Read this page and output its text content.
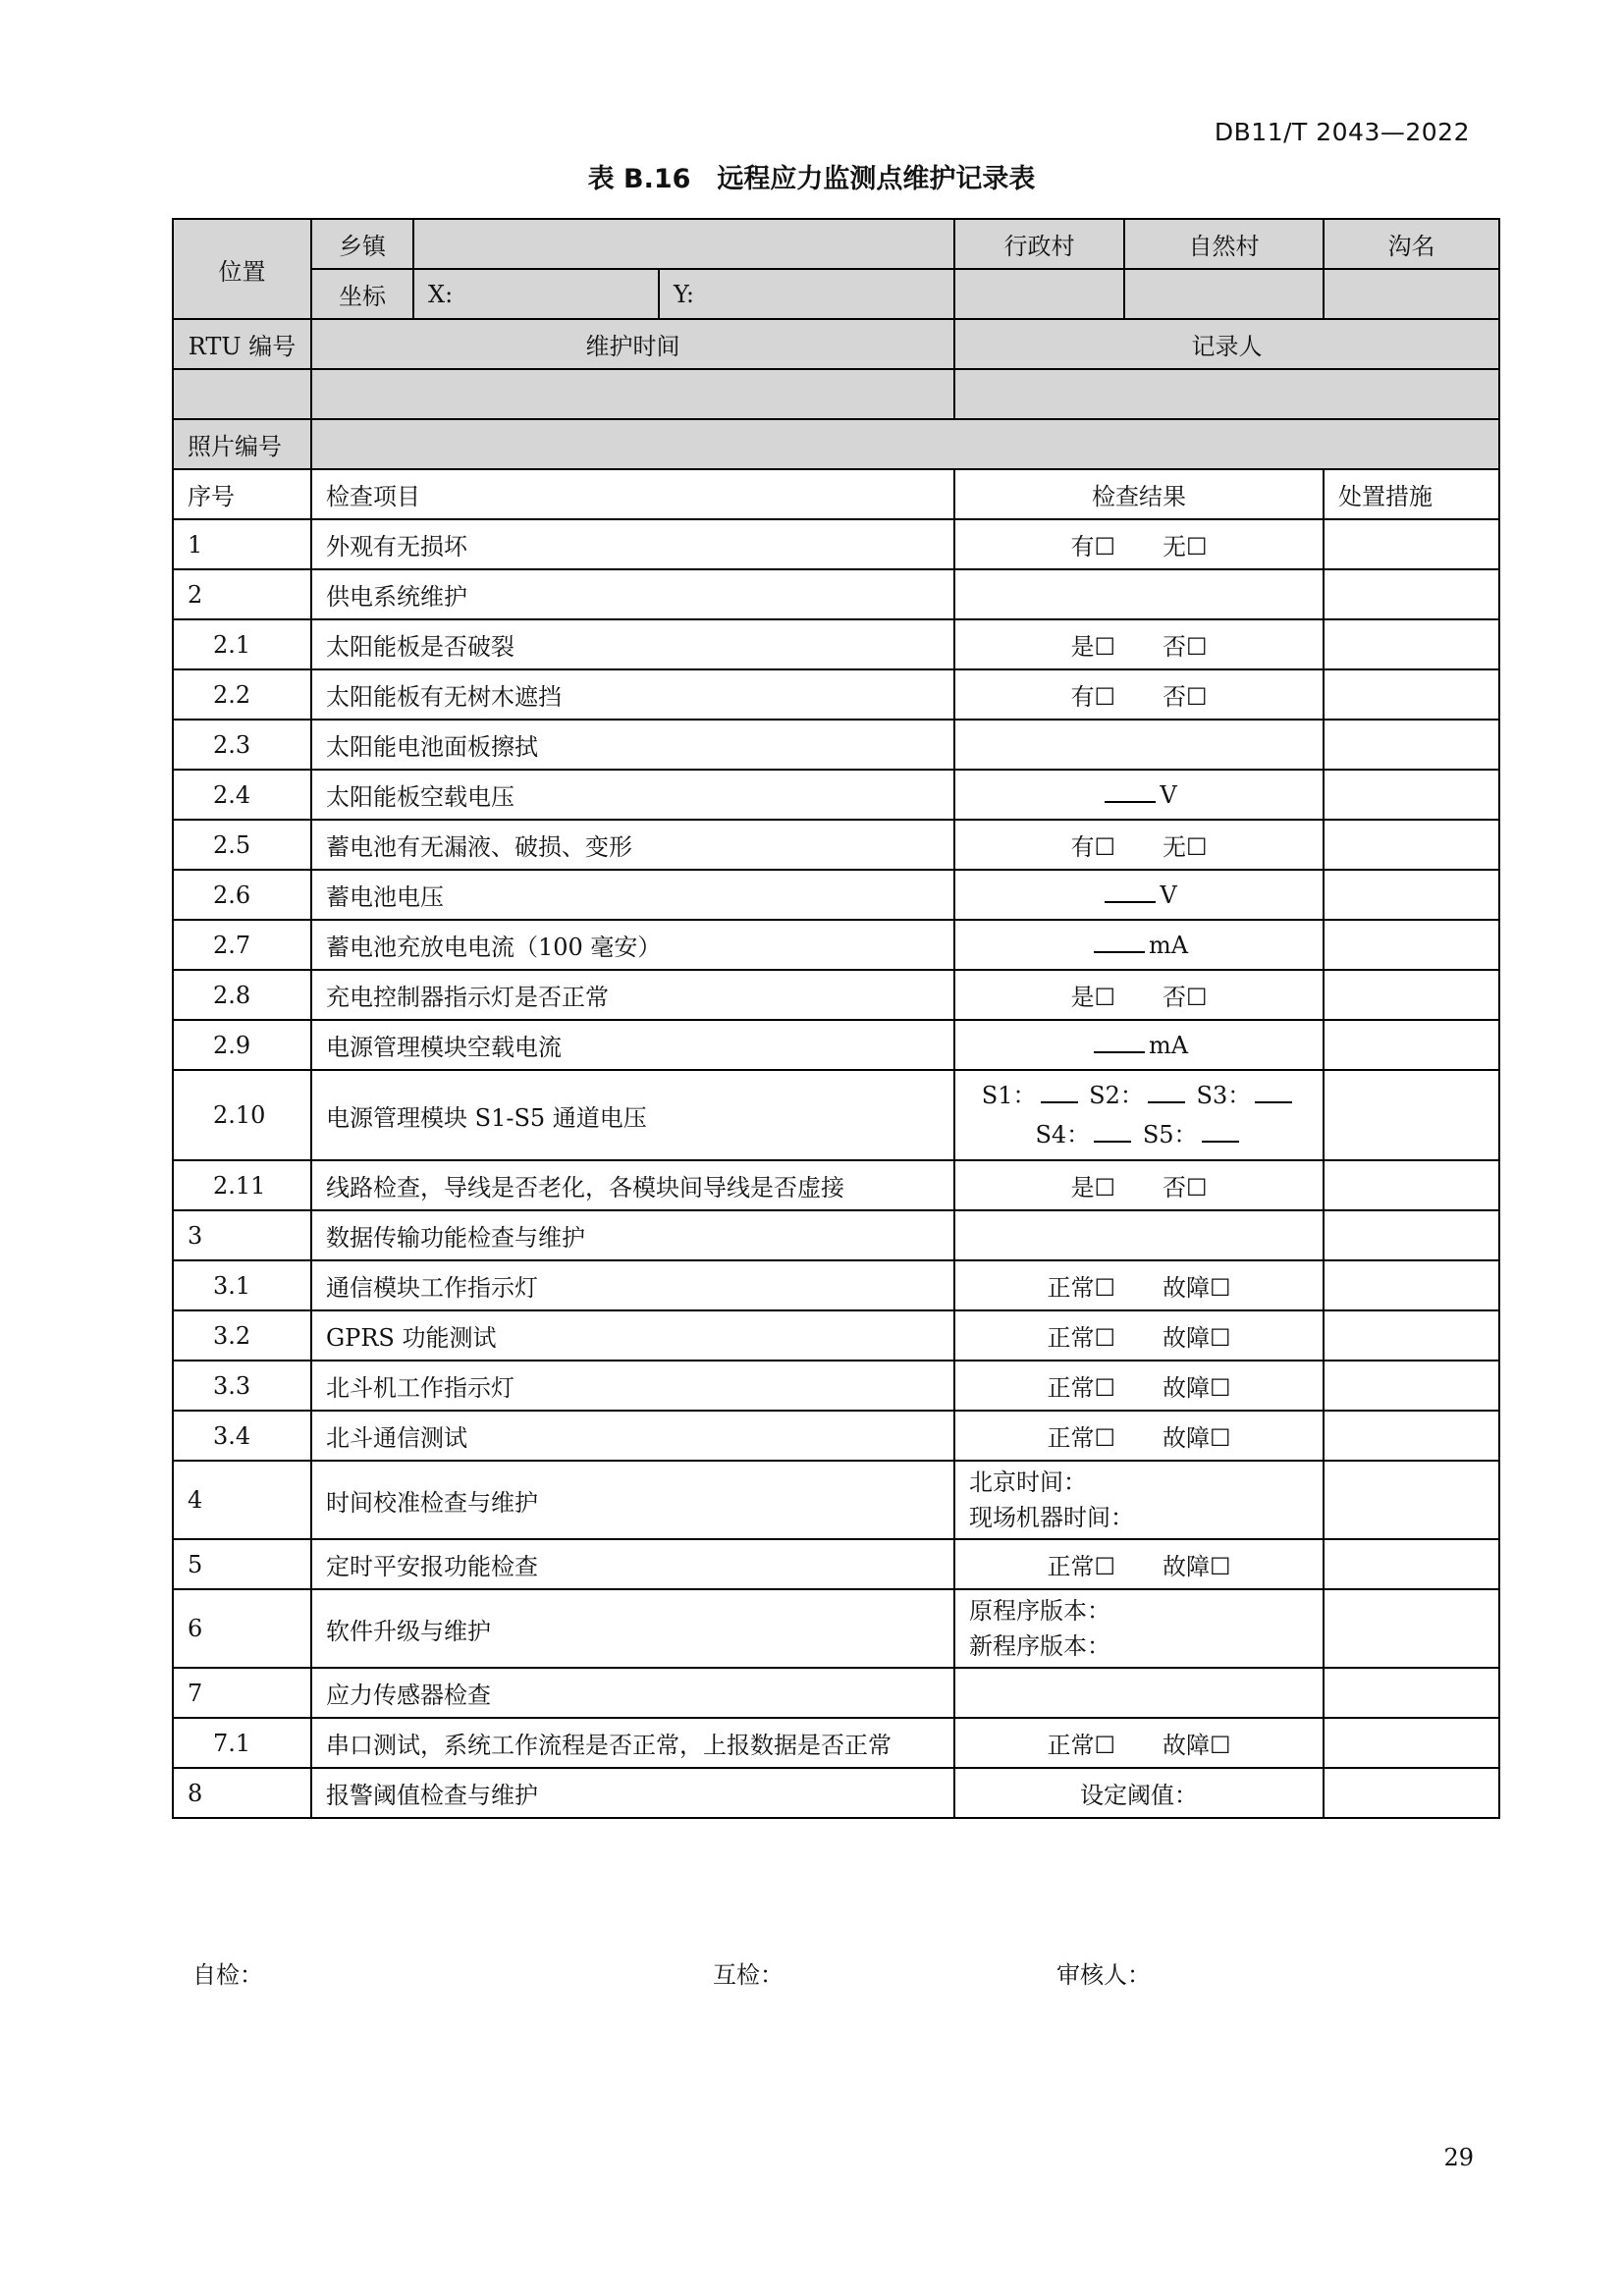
DB11/T 2043—2022
表 B.16　远程应力监测点维护记录表
位置	乡镇			行政村	自然村	沟名
	坐标	X:	Y:			
RTU 编号	维护时间			记录人		

照片编号						
序号	检查项目			检查结果		处置措施
1	外观有无损坏			有☐   无☐		
2	供电系统维护					
2.1	太阳能板是否破裂			是☐   否☐		
2.2	太阳能板有无树木遮挡			有☐   否☐		
2.3	太阳能电池面板擦拭					
2.4	太阳能板空载电压			V		
2.5	蓄电池有无漏液、破损、变形			有☐   无☐		
2.6	蓄电池电压			V		
2.7	蓄电池充放电电流（100 毫安）			mA		
2.8	充电控制器指示灯是否正常			是☐   否☐		
2.9	电源管理模块空载电流			mA		
2.10	电源管理模块 S1-S5 通道电压			S1： S2： S3：
S4： S5：		

2.11	线路检查，导线是否老化，各模块间导线是否虚接			是☐   否☐		
3	数据传输功能检查与维护					
3.1	通信模块工作指示灯			正常☐   故障☐		
3.2	GPRS 功能测试			正常☐   故障☐		
3.3	北斗机工作指示灯			正常☐   故障☐		
3.4	北斗通信测试			正常☐   故障☐		
4	时间校准检查与维护			北京时间：
现场机器时间：		

5	定时平安报功能检查			正常☐   故障☐		
6	软件升级与维护			原程序版本：
新程序版本：		

7	应力传感器检查					
7.1	串口测试，系统工作流程是否正常，上报数据是否正常			正常☐   故障☐		
8	报警阈值检查与维护			设定阈值：		
自检：	互检：	审核人：
29
